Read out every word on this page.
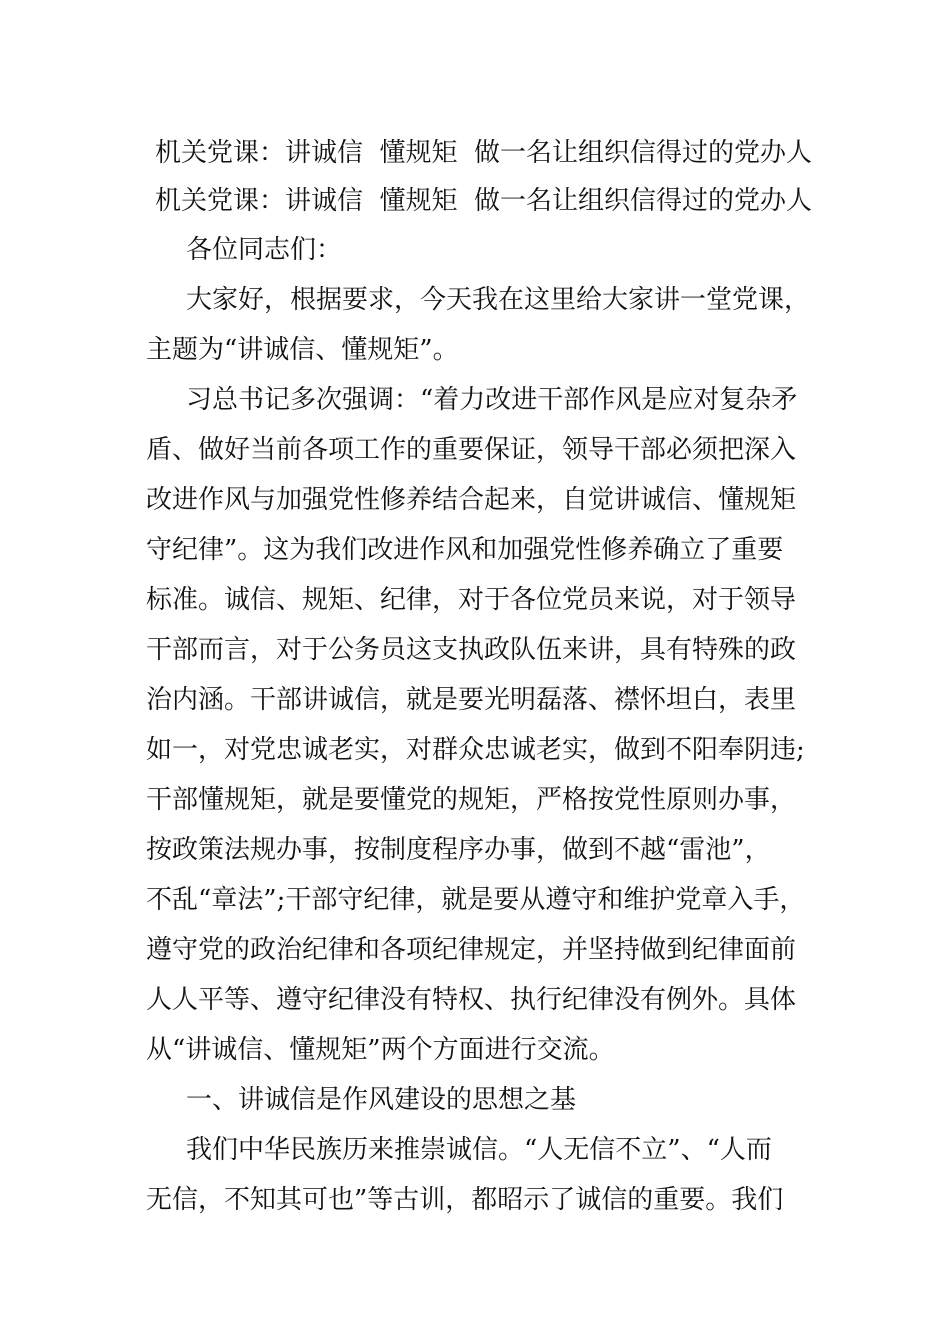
机关党课：讲诚信  懂规矩  做一名让组织信得过的党办人
机关党课：讲诚信  懂规矩  做一名让组织信得过的党办人
各位同志们：
大家好，根据要求，今天我在这里给大家讲一堂党课，
主题为“讲诚信、懂规矩”。
习总书记多次强调：“着力改进干部作风是应对复杂矛
盾、做好当前各项工作的重要保证，领导干部必须把深入
改进作风与加强党性修养结合起来，自觉讲诚信、懂规矩
守纪律”。这为我们改进作风和加强党性修养确立了重要
标准。诚信、规矩、纪律，对于各位党员来说，对于领导
干部而言，对于公务员这支执政队伍来讲，具有特殊的政
治内涵。干部讲诚信，就是要光明磊落、襟怀坦白，表里
如一，对党忠诚老实，对群众忠诚老实，做到不阳奉阴违;
干部懂规矩，就是要懂党的规矩，严格按党性原则办事，
按政策法规办事，按制度程序办事，做到不越“雷池”，
不乱“章法”;干部守纪律，就是要从遵守和维护党章入手，
遵守党的政治纪律和各项纪律规定，并坚持做到纪律面前
人人平等、遵守纪律没有特权、执行纪律没有例外。具体
从“讲诚信、懂规矩”两个方面进行交流。
一、讲诚信是作风建设的思想之基
我们中华民族历来推崇诚信。“人无信不立”、“人而
无信，不知其可也”等古训，都昭示了诚信的重要。我们
